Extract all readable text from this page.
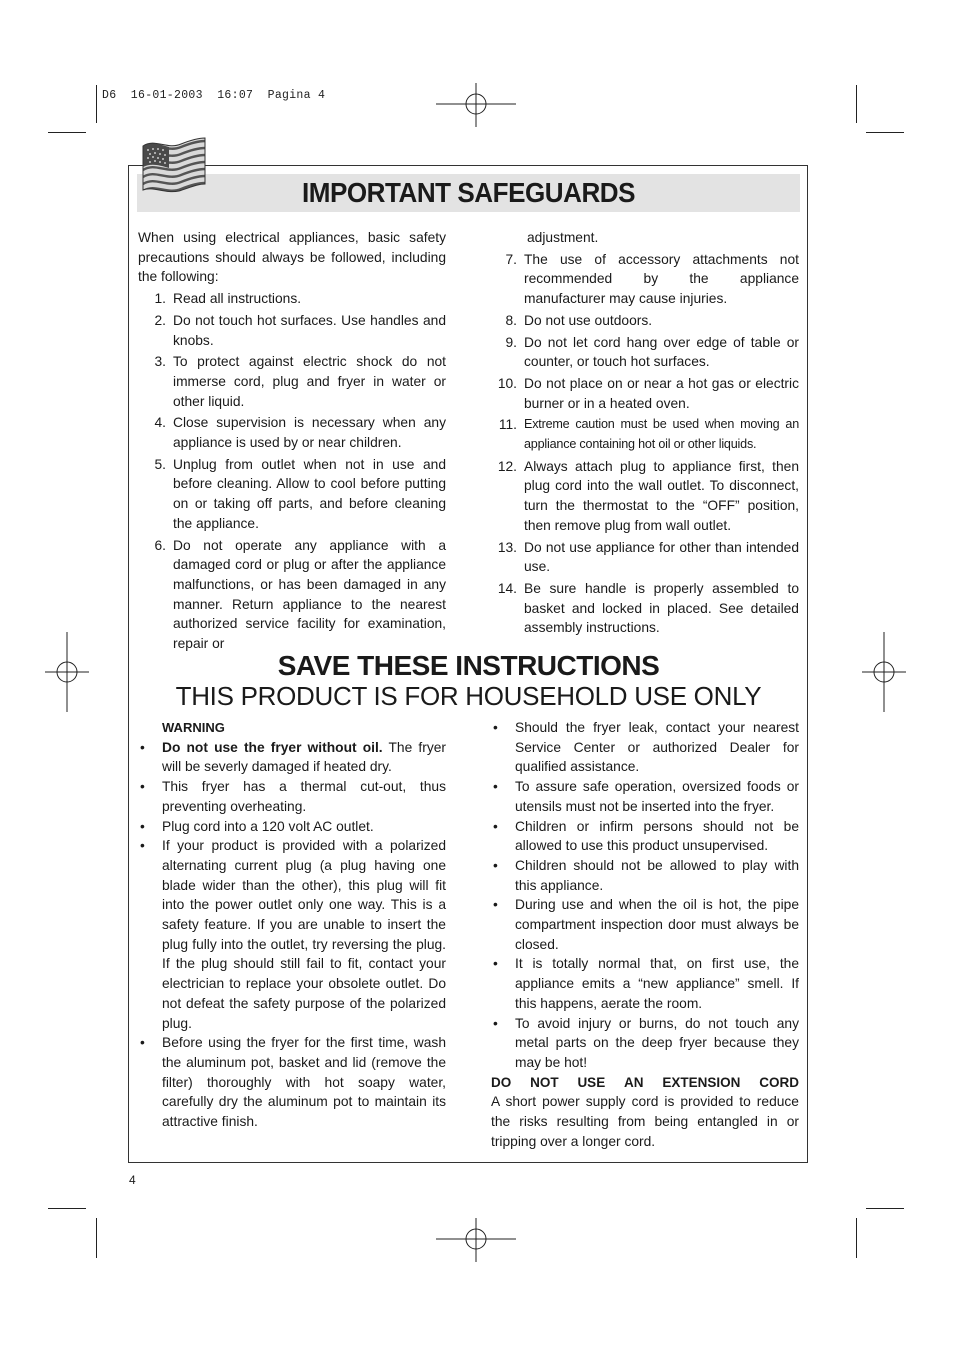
D6  16-01-2003  16:07  Pagina 4
IMPORTANT SAFEGUARDS

When using electrical appliances, basic safety precautions should always be followed, including the following:

1. Read all instructions.
2. Do not touch hot surfaces. Use handles and knobs.
3. To protect against electric shock do not immerse cord, plug and fryer in water or other liquid.
4. Close supervision is necessary when any appliance is used by or near children.
5. Unplug from outlet when not in use and before cleaning. Allow to cool before putting on or taking off parts, and before cleaning the appliance.
6. Do not operate any appliance with a damaged cord or plug or after the appliance malfunctions, or has been damaged in any manner. Return appliance to the nearest authorized service facility for examination, repair or

adjustment.

7. The use of accessory attachments not recommended by the appliance manufacturer may cause injuries.
8. Do not use outdoors.
9. Do not let cord hang over edge of table or counter, or touch hot surfaces.
10. Do not place on or near a hot gas or electric burner or in a heated oven.
11. Extreme caution must be used when moving an appliance containing hot oil or other liquids.
12. Always attach plug to appliance first, then plug cord into the wall outlet. To disconnect, turn the thermostat to the “OFF” position, then remove plug from wall outlet.
13. Do not use appliance for other than intended use.
14. Be sure handle is properly assembled to basket and locked in placed. See detailed assembly instructions.
SAVE THESE INSTRUCTIONS
THIS PRODUCT IS FOR HOUSEHOLD USE ONLY

WARNING

•	Do not use the fryer without oil. The fryer will be severly damaged if heated dry.
•	This fryer has a thermal cut-out, thus preventing overheating.
•	Plug cord into a 120 volt AC outlet.
•	If your product is provided with a polarized alternating current plug (a plug having one blade wider than the other), this plug will fit into the power outlet only one way. This is a safety feature. If you are unable to insert the plug fully into the outlet, try reversing the plug. If the plug should still fail to fit, contact your electrician to replace your obsolete outlet. Do not defeat the safety purpose of the polarized plug.
•	Before using the fryer for the first time, wash the aluminum pot, basket and lid (remove the filter) thoroughly with hot soapy water, carefully dry the aluminum pot to maintain its attractive finish.
•	Should the fryer leak, contact your nearest Service Center or authorized Dealer for qualified assistance.
•	To assure safe operation, oversized foods or utensils must not be inserted into the fryer.
•	Children or infirm persons should not be allowed to use this product unsupervised.
•	Children should not be allowed to play with this appliance.
•	During use and when the oil is hot, the pipe compartment inspection door must always be closed.
•	It is totally normal that, on first use, the appliance emits a “new appliance” smell. If this happens, aerate the room.
•	To avoid injury or burns, do not touch any metal parts on the deep fryer because they may be hot!
DO NOT USE AN EXTENSION CORD

A short power supply cord is provided to reduce the risks resulting from being entangled in or tripping over a longer cord.

4
